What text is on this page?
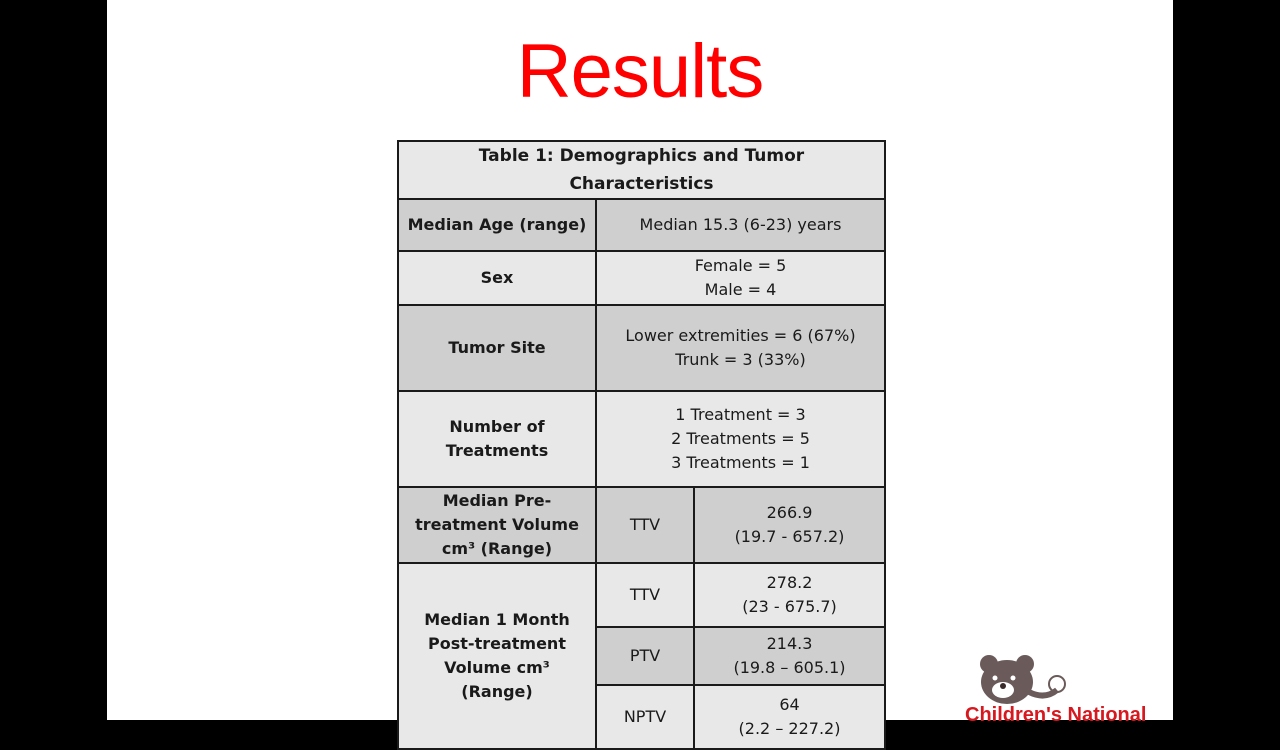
Results
Table 1: Demographics and Tumor
Characteristics		

Median Age (range)	Median 15.3 (6-23) years	
Sex	Female = 5
Male = 4	

Tumor Site	Lower extremities = 6 (67%)
Trunk = 3 (33%)	

Number of
Treatments	1 Treatment = 3
2 Treatments = 5
3 Treatments = 1	

Median Pre-
treatment Volume
cm³ (Range)	TTV	266.9
(19.7 - 657.2)

Median 1 Month
Post-treatment
Volume cm³
(Range)	TTV	278.2
(23 - 675.7)

	PTV	214.3
(19.8 – 605.1)

	NPTV	64
(2.2 – 227.2)
Children's National
